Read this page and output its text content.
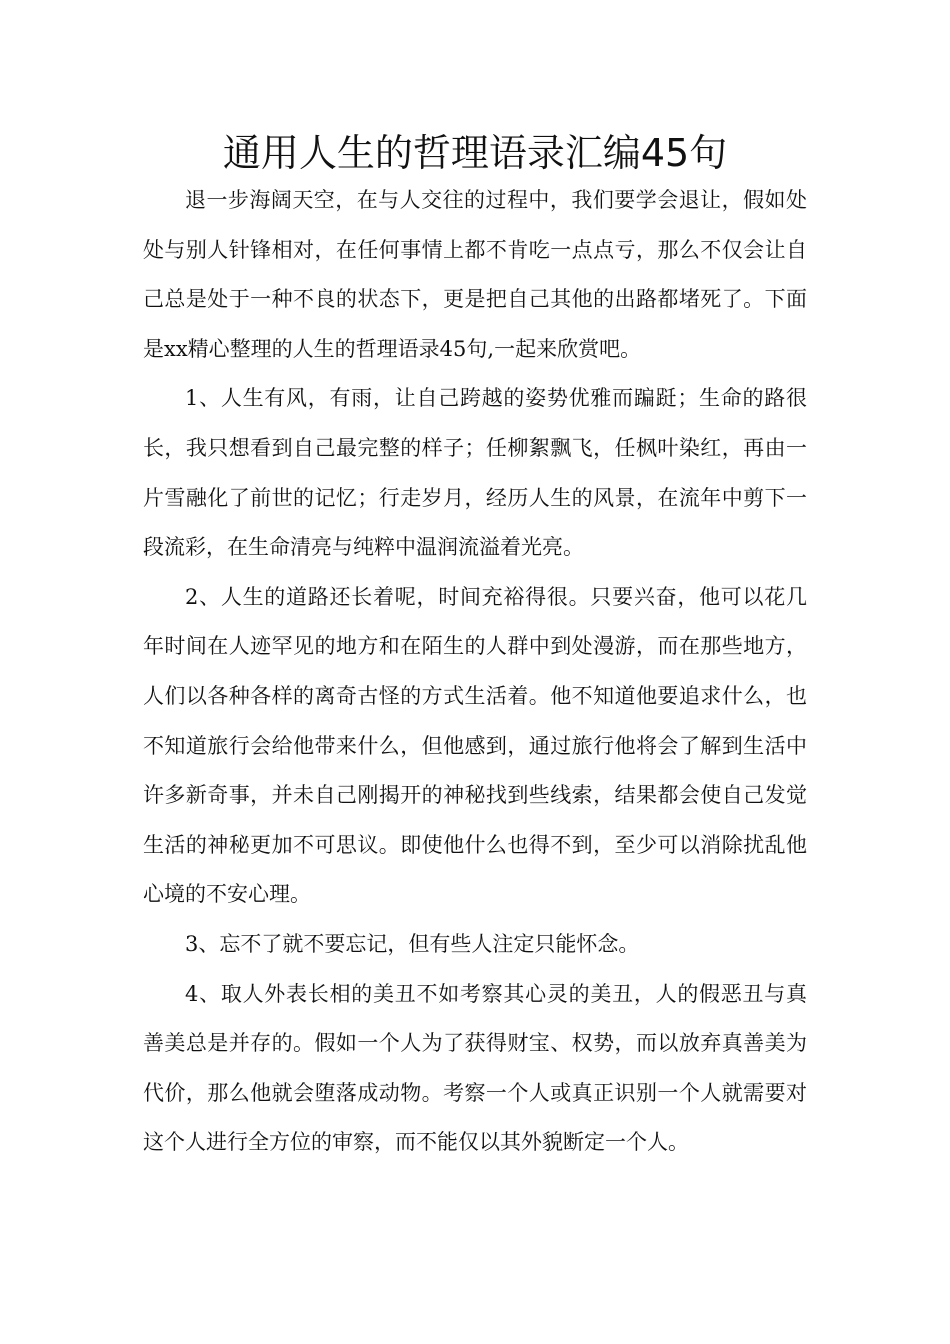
通用人生的哲理语录汇编45句

退一步海阔天空，在与人交往的过程中，我们要学会退让，假如处处与别人针锋相对，在任何事情上都不肯吃一点点亏，那么不仅会让自己总是处于一种不良的状态下，更是把自己其他的出路都堵死了。下面是xx精心整理的人生的哲理语录45句,一起来欣赏吧。

1、人生有风，有雨，让自己跨越的姿势优雅而蹁跹；生命的路很长，我只想看到自己最完整的样子；任柳絮飘飞，任枫叶染红，再由一片雪融化了前世的记忆；行走岁月，经历人生的风景，在流年中剪下一段流彩，在生命清亮与纯粹中温润流溢着光亮。

2、人生的道路还长着呢，时间充裕得很。只要兴奋，他可以花几年时间在人迹罕见的地方和在陌生的人群中到处漫游，而在那些地方，人们以各种各样的离奇古怪的方式生活着。他不知道他要追求什么，也不知道旅行会给他带来什么，但他感到，通过旅行他将会了解到生活中许多新奇事，并未自己刚揭开的神秘找到些线索，结果都会使自己发觉生活的神秘更加不可思议。即使他什么也得不到，至少可以消除扰乱他心境的不安心理。

3、忘不了就不要忘记，但有些人注定只能怀念。

4、取人外表长相的美丑不如考察其心灵的美丑，人的假恶丑与真善美总是并存的。假如一个人为了获得财宝、权势，而以放弃真善美为代价，那么他就会堕落成动物。考察一个人或真正识别一个人就需要对这个人进行全方位的审察，而不能仅以其外貌断定一个人。
